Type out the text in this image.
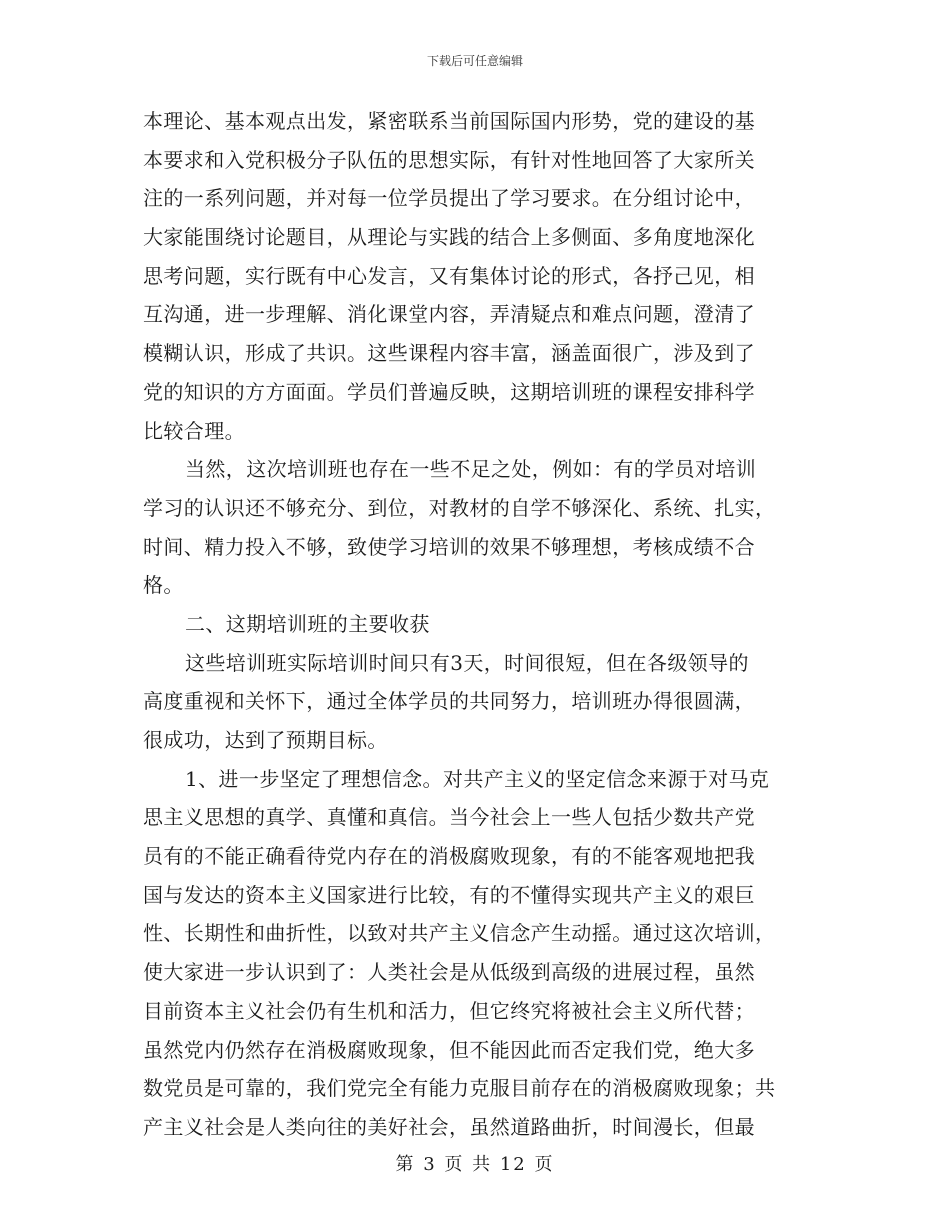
下载后可任意编辑
本理论、基本观点出发，紧密联系当前国际国内形势，党的建设的基
本要求和入党积极分子队伍的思想实际，有针对性地回答了大家所关
注的一系列问题，并对每一位学员提出了学习要求。在分组讨论中，
大家能围绕讨论题目，从理论与实践的结合上多侧面、多角度地深化
思考问题，实行既有中心发言，又有集体讨论的形式，各抒己见，相
互沟通，进一步理解、消化课堂内容，弄清疑点和难点问题，澄清了
模糊认识，形成了共识。这些课程内容丰富，涵盖面很广，涉及到了
党的知识的方方面面。学员们普遍反映，这期培训班的课程安排科学
比较合理。
当然，这次培训班也存在一些不足之处，例如：有的学员对培训
学习的认识还不够充分、到位，对教材的自学不够深化、系统、扎实，
时间、精力投入不够，致使学习培训的效果不够理想，考核成绩不合
格。
二、这期培训班的主要收获
这些培训班实际培训时间只有3天，时间很短，但在各级领导的
高度重视和关怀下，通过全体学员的共同努力，培训班办得很圆满，
很成功，达到了预期目标。
1、进一步坚定了理想信念。对共产主义的坚定信念来源于对马克
思主义思想的真学、真懂和真信。当今社会上一些人包括少数共产党
员有的不能正确看待党内存在的消极腐败现象，有的不能客观地把我
国与发达的资本主义国家进行比较，有的不懂得实现共产主义的艰巨
性、长期性和曲折性，以致对共产主义信念产生动摇。通过这次培训，
使大家进一步认识到了：人类社会是从低级到高级的进展过程，虽然
目前资本主义社会仍有生机和活力，但它终究将被社会主义所代替；
虽然党内仍然存在消极腐败现象，但不能因此而否定我们党，绝大多
数党员是可靠的，我们党完全有能力克服目前存在的消极腐败现象；共
产主义社会是人类向往的美好社会，虽然道路曲折，时间漫长，但最
第 3 页 共 12 页
